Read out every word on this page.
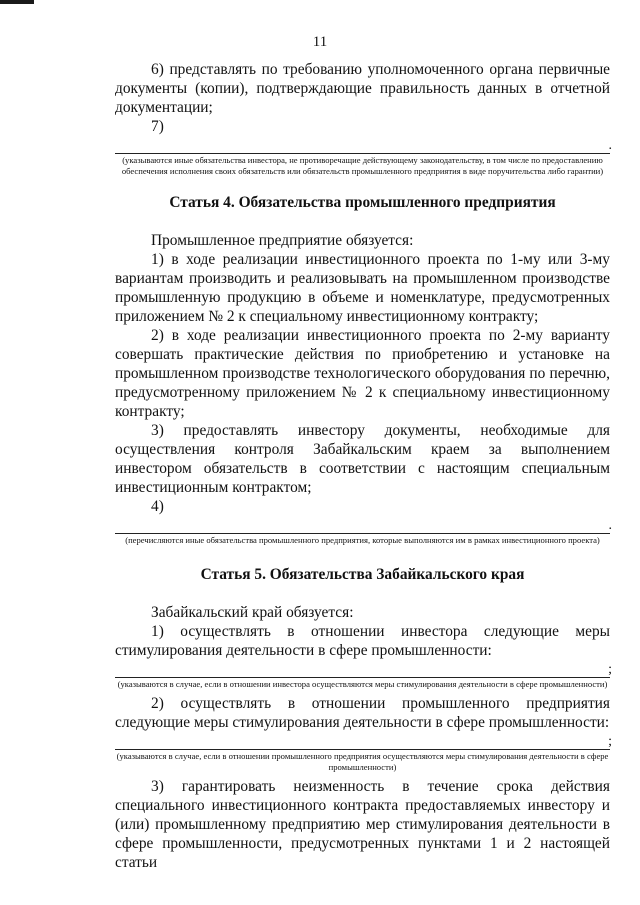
11

6) представлять по требованию уполномоченного органа первичные документы (копии), подтверждающие правильность данных в отчетной документации;

7)

.

(указываются иные обязательства инвестора, не противоречащие действующему законодательству, в том числе по предоставлению обеспечения исполнения своих обязательств или обязательств промышленного предприятия в виде поручительства либо гарантии)

Статья 4. Обязательства промышленного предприятия

Промышленное предприятие обязуется:

1) в ходе реализации инвестиционного проекта по 1-му или 3-му вариантам производить и реализовывать на промышленном производстве промышленную продукцию в объеме и номенклатуре, предусмотренных приложением № 2 к специальному инвестиционному контракту;

2) в ходе реализации инвестиционного проекта по 2-му варианту совершать практические действия по приобретению и установке на промышленном производстве технологического оборудования по перечню, предусмотренному приложением № 2 к специальному инвестиционному контракту;

3) предоставлять инвестору документы, необходимые для осуществления контроля Забайкальским краем за выполнением инвестором обязательств в соответствии с настоящим специальным инвестиционным контрактом;

4)

.

(перечисляются иные обязательства промышленного предприятия, которые выполняются им в рамках инвестиционного проекта)

Статья 5. Обязательства Забайкальского края

Забайкальский край обязуется:

1) осуществлять в отношении инвестора следующие меры стимулирования деятельности в сфере промышленности:

;

(указываются в случае, если в отношении инвестора осуществляются меры стимулирования деятельности в сфере промышленности)

2) осуществлять в отношении промышленного предприятия следующие меры стимулирования деятельности в сфере промышленности:

;

(указываются в случае, если в отношении промышленного предприятия осуществляются меры стимулирования деятельности в сфере промышленности)

3) гарантировать неизменность в течение срока действия специального инвестиционного контракта предоставляемых инвестору и (или) промышленному предприятию мер стимулирования деятельности в сфере промышленности, предусмотренных пунктами 1 и 2 настоящей статьи
